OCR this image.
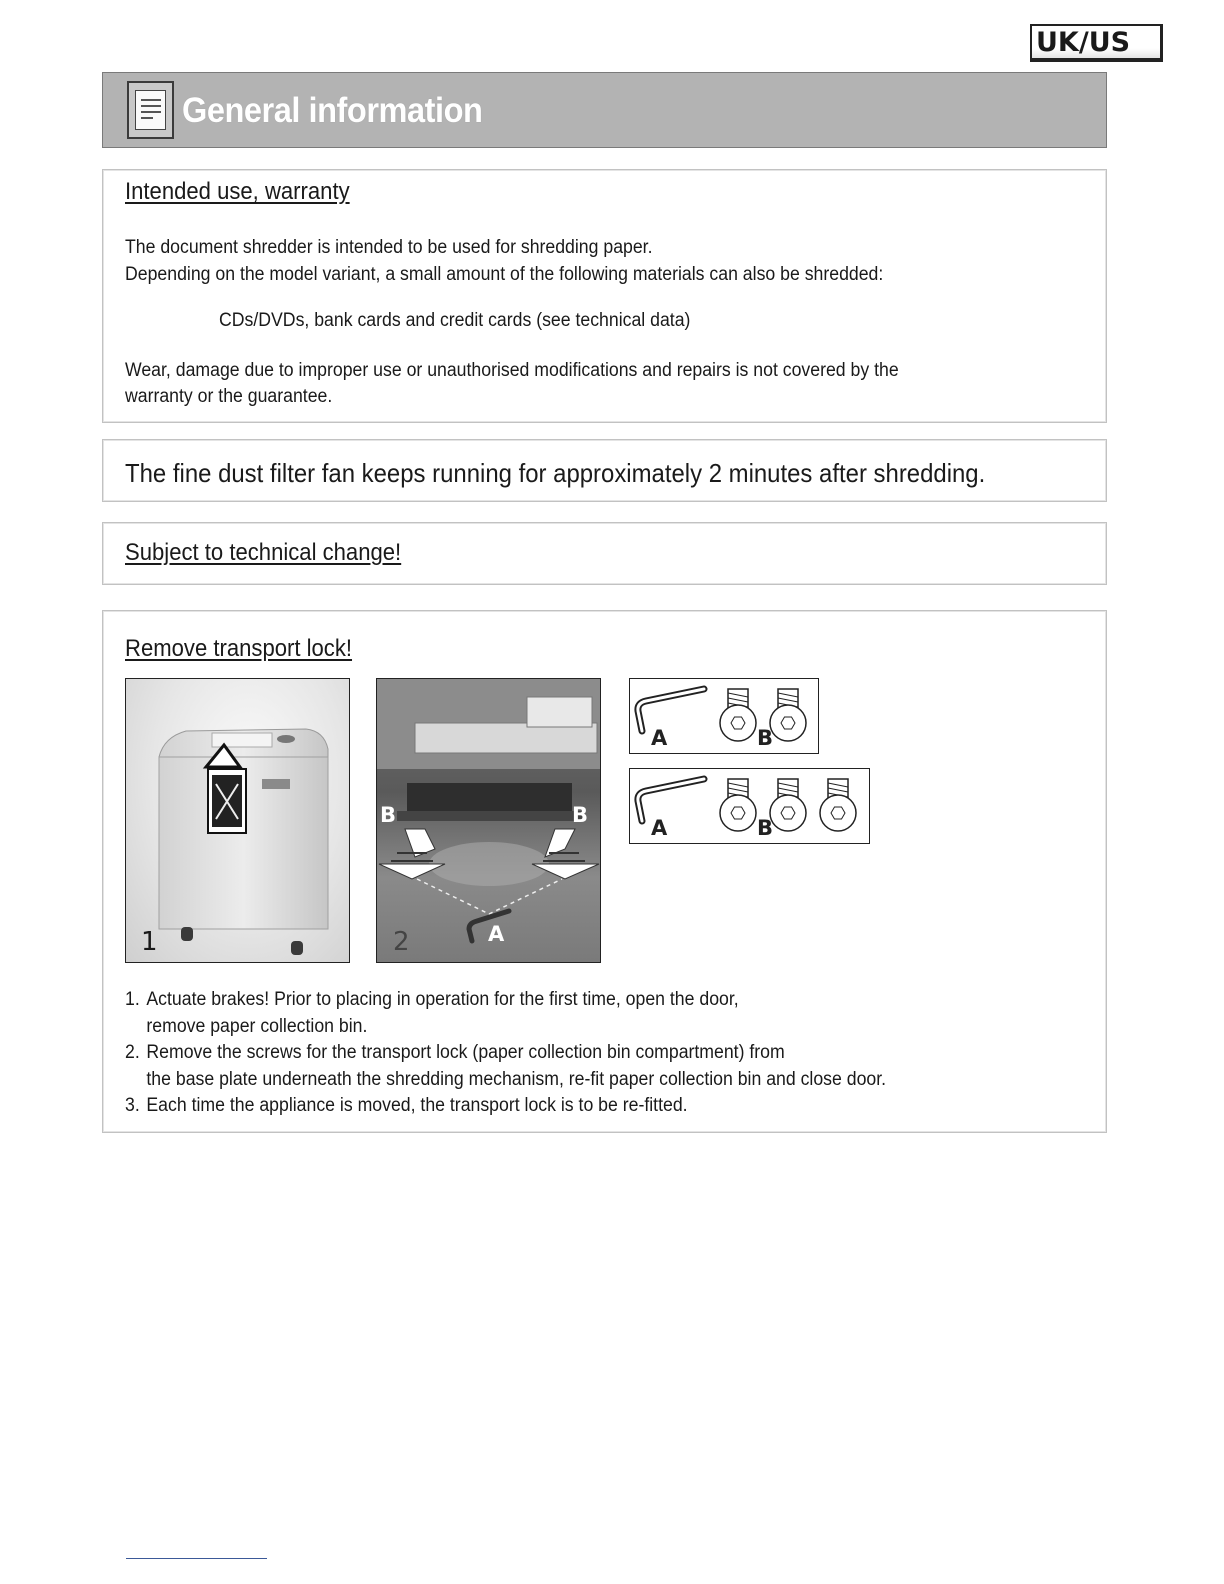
UK/US
General information
Intended use, warranty
The document shredder is intended to be used for shredding paper.
Depending on the model variant, a small amount of the following materials can also be shredded:
CDs/DVDs, bank cards and credit cards (see technical data)
Wear, damage due to improper use or unauthorised modifications and repairs is not covered by the
warranty or the guarantee.
The fine dust filter fan keeps running for approximately 2 minutes after shredding.
Subject to technical change!
Remove transport lock!
1
B	B
A
2
A	B
A	B
1. Actuate brakes! Prior to placing in operation for the first time, open the door,
remove paper collection bin.
2. Remove the screws for the transport lock (paper collection bin compartment) from
the base plate underneath the shredding mechanism, re-fit paper collection bin and close door.
3. Each time the appliance is moved, the transport lock is to be re-fitted.
